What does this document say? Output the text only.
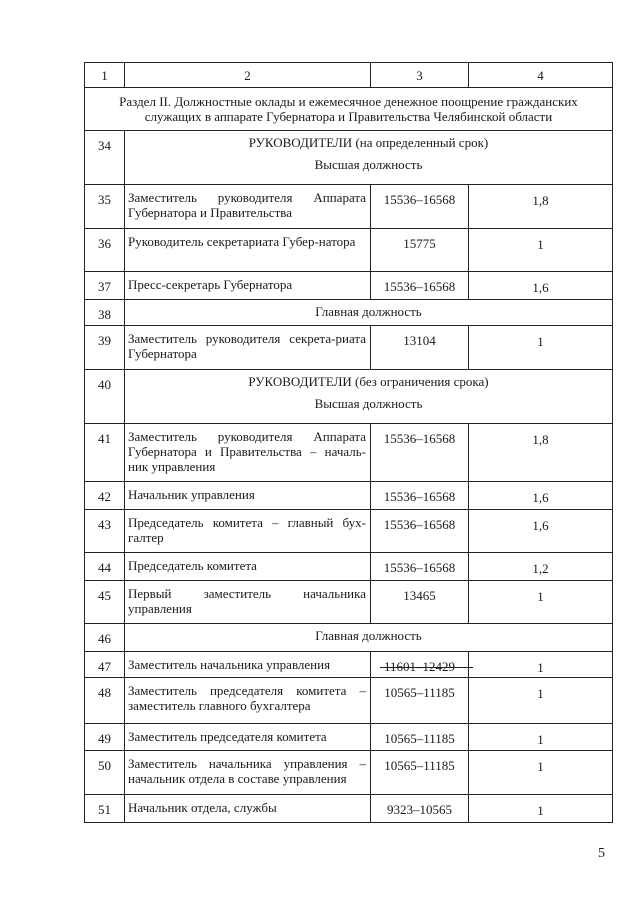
1	2	3	4
Раздел II. Должностные оклады и ежемесячное денежное поощрение гражданских служащих в аппарате Губернатора и Правительства Челябинской области			
34	РУКОВОДИТЕЛИ (на определенный срок)
Высшая должность		

35	Заместитель руководителя Аппарата Губернатора и Правительства	15536–16568	1,8
36	Руководитель секретариата Губер-натора	15775	1
37	Пресс-секретарь Губернатора	15536–16568	1,6
38	Главная должность		

39	Заместитель руководителя секрета-риата Губернатора	13104	1
40	РУКОВОДИТЕЛИ (без ограничения срока)
Высшая должность		

41	Заместитель руководителя Аппарата Губернатора и Правительства – началь-ник управления	15536–16568	1,8
42	Начальник управления	15536–16568	1,6
43	Председатель комитета – главный бух-галтер	15536–16568	1,6
44	Председатель комитета	15536–16568	1,2
45	Первый заместитель начальника управления	13465	1
46	Главная должность		

47	Заместитель начальника управления	11601–12429	1
48	Заместитель председателя комитета – заместитель главного бухгалтера	10565–11185	1
49	Заместитель председателя комитета	10565–11185	1
50	Заместитель начальника управления – начальник отдела в составе управления	10565–11185	1
51	Начальник отдела, службы	9323–10565	1
5
